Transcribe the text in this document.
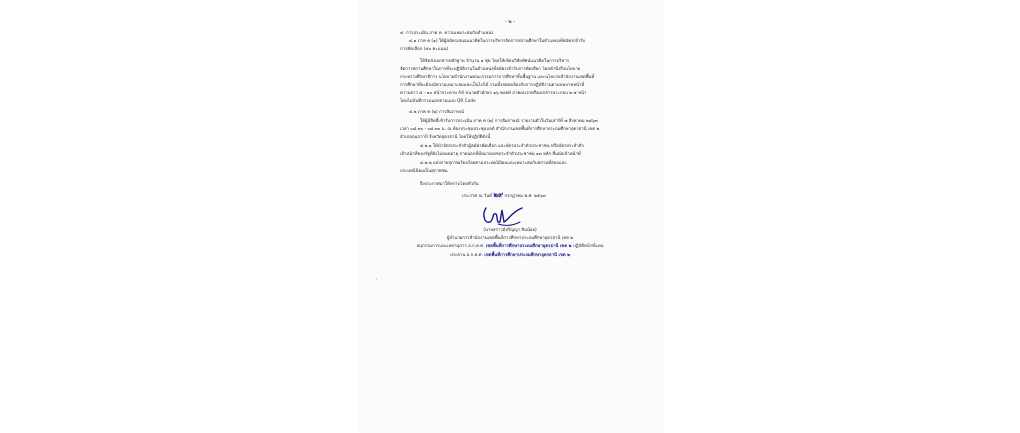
- ๒ -
๔. การประเมิน ภาค ค. ความเหมาะสมกับตำแหน่ง
๔.๑ ภาค ค (๑) ให้ผู้สมัครเสนอแนวคิดในการบริหารจัดการสถานศึกษาในตำแหน่งที่สมัครเข้ารับ
การคัดเลือก (๕๐ คะแนน)
ให้จัดส่งเอกสารหลักฐาน จำนวน ๑ ชุด โดยให้เขียนวิสัยทัศน์แนวคิดในการบริหาร
จัดการสถานศึกษาในการที่จะปฏิบัติงานในตำแหน่งที่สมัครเข้ารับการคัดเลือก โดยคำนึงถึงนโยบาย
กระทรวงศึกษาธิการ นโยบายสำนักงานคณะกรรมการการศึกษาขั้นพื้นฐาน และนโยบายสำนักงานเขตพื้นที่
การศึกษาที่จะต้องมีความเหมาะสมและเป็นไปได้ รวมทั้งสอดคล้องกับการปฏิบัติงานตามบทบาทหน้าที่
ความยาว ๕ - ๑๐ หน้ากระดาษ A4 ขนาดตัวอักษร ๑๖ พอยท์ ภาคผนวกหรือเอกสารประกอบ ๒-๕ หน้า
โดยไม่บันทึกรวมนอกตามแบบ QR Code
๔.๒ ภาค ค (๒) การสัมภาษณ์
ให้ผู้มีสิทธิ์เข้ารับการประเมิน ภาค ค (๒) การสัมภาษณ์ รายงานตัวในวันเสาร์ที่ ๗ สิงหาคม ๒๕๖๓
เวลา ๐๘.๓๐ - ๐๘.๓๐ น. ณ ห้องประชุมประชุมบลต์ สำนักงานเขตพื้นที่การศึกษาประถมศึกษาอุดรธานี เขต ๒
อำเภอกุมภวาปี จังหวัดอุดรธานี โดยให้ปฏิบัติดังนี้
๔.๒.๑ ให้นำบัตรประจำตัวผู้สมัครคัดเลือก และบัตรประจำตัวประชาชน หรือบัตรประจำตัว
เจ้าหน้าที่ของรัฐที่ยังไม่หมดอายุ ภายนอกที่มีหมายเลขประจำตัวประชาชน ๑๓ หลัก ยื่นต่อเจ้าหน้าที่
๔.๒.๒ แต่งกายสุภาพเรียบร้อยตามประเพณีนิยมและเหมาะสมกับสถานที่สอบและ
ประเพณีนิยมเป็นสุภาพชน
จึงประกาศมาให้ทราบโดยทั่วกัน
ประกาศ ณ วันที่ ๒๙ กรกฎาคม พ.ศ. ๒๕๖๓
(นายสราวุธ์ปริญญา สินน้อย)
ผู้อำนวยการสำนักงานเขตพื้นที่การศึกษาประถมศึกษาอุดรธานี เขต ๒
อนุกรรมการและเลขานุการ อ.ก.ค.ศ. เขตพื้นที่การศึกษาประถมศึกษาอุดรธานี เขต ๒ ปฏิบัติหน้าที่แทน
ประธาน อ.ก.ค.ศ. เขตพื้นที่การศึกษาประถมศึกษาอุดรธานี เขต ๒
ʹ
